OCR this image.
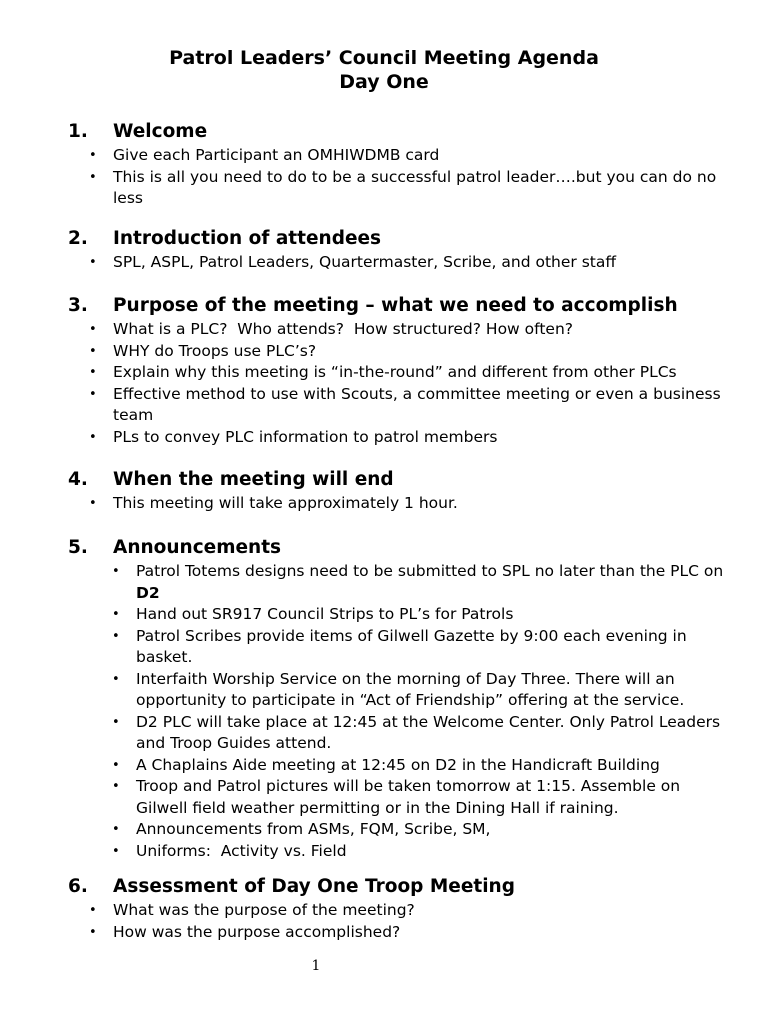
Patrol Leaders’ Council Meeting Agenda
Day One
1. Welcome
• Give each Participant an OMHIWDMB card
• This is all you need to do to be a successful patrol leader….but you can do no less
2. Introduction of attendees
• SPL, ASPL, Patrol Leaders, Quartermaster, Scribe, and other staff
3. Purpose of the meeting – what we need to accomplish
• What is a PLC?  Who attends?  How structured? How often?
• WHY do Troops use PLC’s?
• Explain why this meeting is “in-the-round” and different from other PLCs
• Effective method to use with Scouts, a committee meeting or even a business team
• PLs to convey PLC information to patrol members
4. When the meeting will end
• This meeting will take approximately 1 hour.
5. Announcements
• Patrol Totems designs need to be submitted to SPL no later than the PLC on D2
• Hand out SR917 Council Strips to PL’s for Patrols
• Patrol Scribes provide items of Gilwell Gazette by 9:00 each evening in basket.
• Interfaith Worship Service on the morning of Day Three. There will an opportunity to participate in “Act of Friendship” offering at the service.
• D2 PLC will take place at 12:45 at the Welcome Center. Only Patrol Leaders and Troop Guides attend.
• A Chaplains Aide meeting at 12:45 on D2 in the Handicraft Building
• Troop and Patrol pictures will be taken tomorrow at 1:15. Assemble on Gilwell field weather permitting or in the Dining Hall if raining.
• Announcements from ASMs, FQM, Scribe, SM,
• Uniforms:  Activity vs. Field
6. Assessment of Day One Troop Meeting
• What was the purpose of the meeting?
• How was the purpose accomplished?
1
